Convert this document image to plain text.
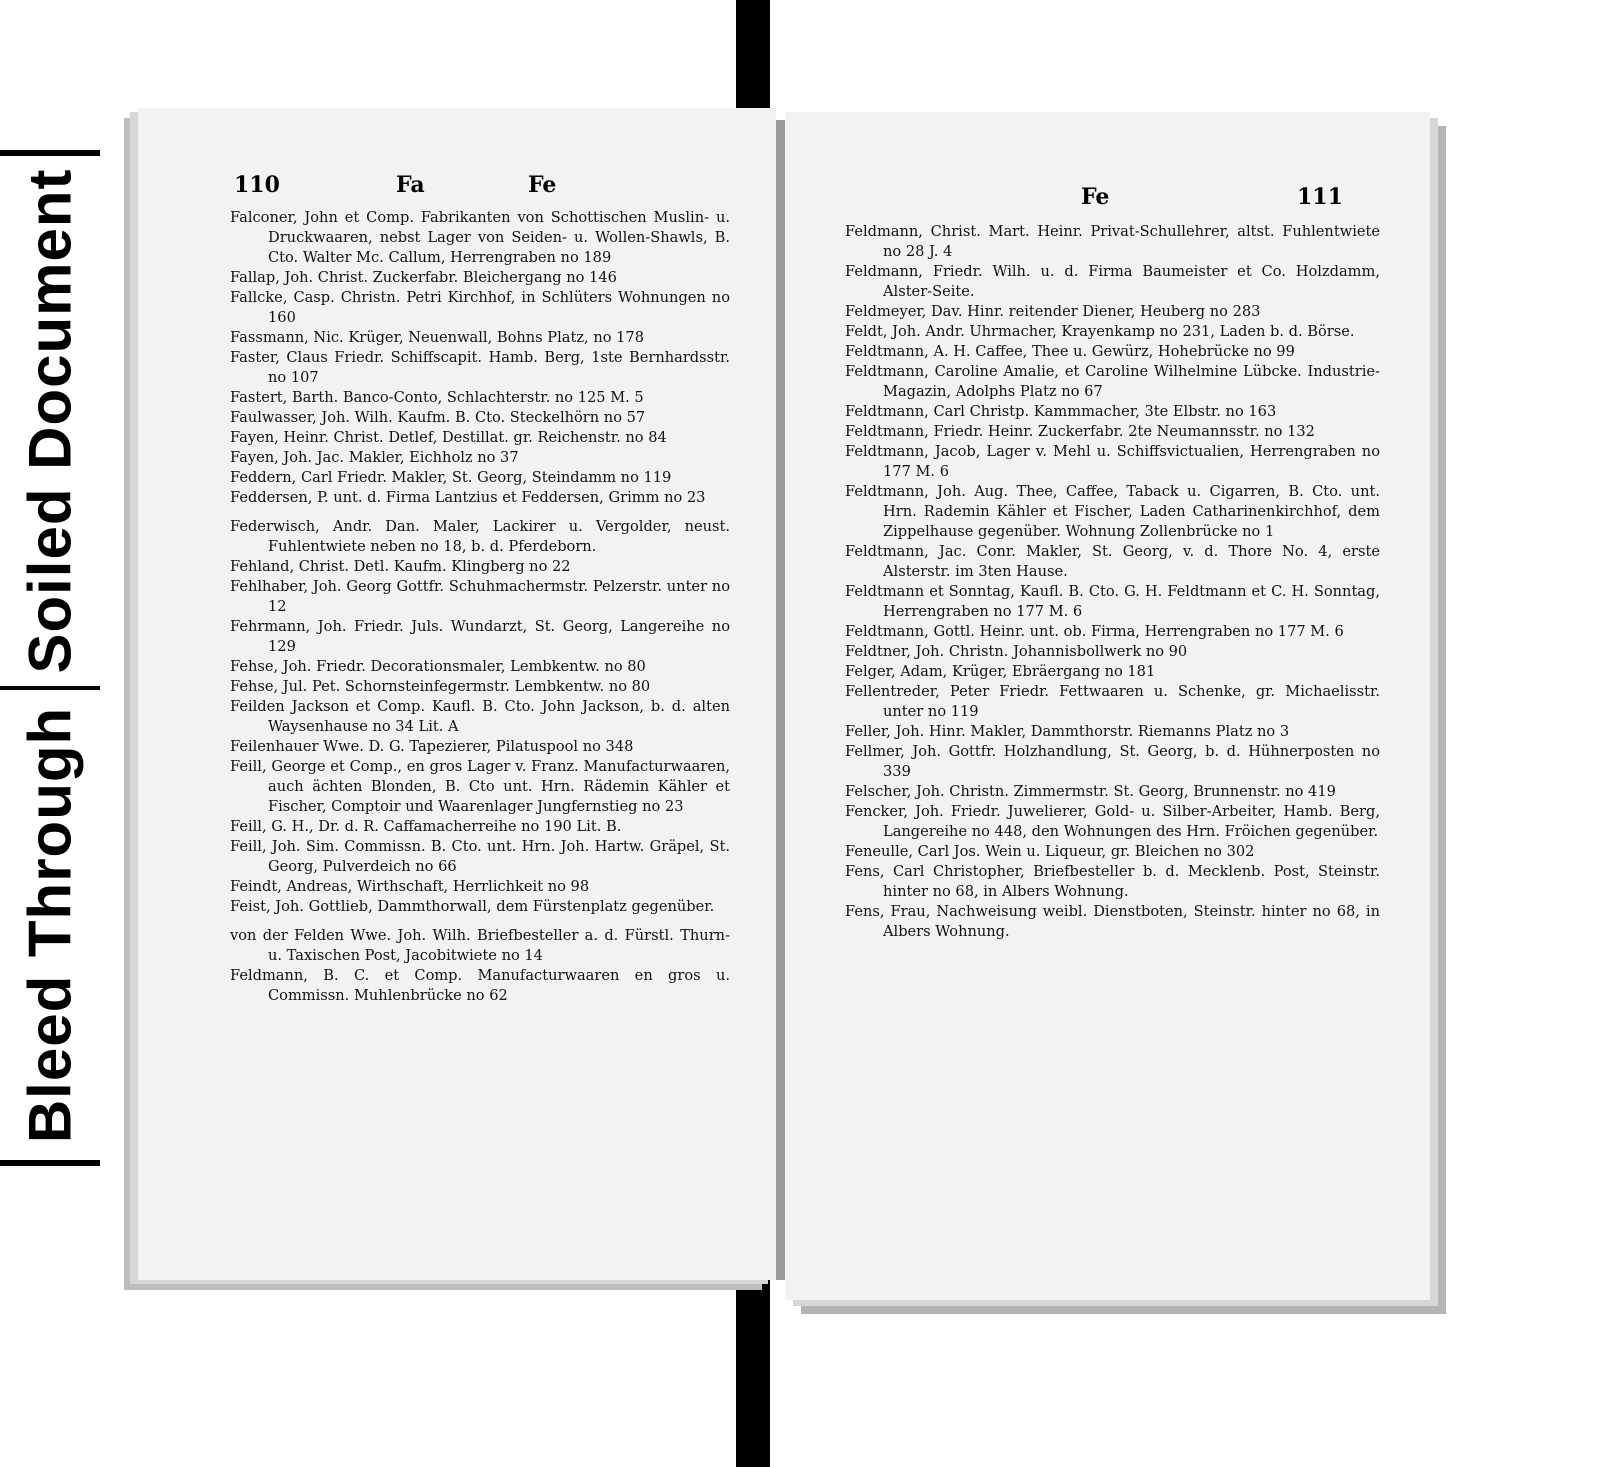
Soiled Document
Bleed Through
110	Fa	Fe
Falconer, John et Comp. Fabrikanten von Schottischen Muslin- u. Druckwaaren, nebst Lager von Seiden- u. Wollen-Shawls, B. Cto. Walter Mc. Callum, Herrengraben no 189
Fallap, Joh. Christ. Zuckerfabr. Bleichergang no 146
Fallcke, Casp. Christn. Petri Kirchhof, in Schlüters Wohnungen no 160
Fassmann, Nic. Krüger, Neuenwall, Bohns Platz, no 178
Faster, Claus Friedr. Schiffscapit. Hamb. Berg, 1ste Bernhardsstr. no 107
Fastert, Barth. Banco-Conto, Schlachterstr. no 125 M. 5
Faulwasser, Joh. Wilh. Kaufm. B. Cto. Steckelhörn no 57
Fayen, Heinr. Christ. Detlef, Destillat. gr. Reichenstr. no 84
Fayen, Joh. Jac. Makler, Eichholz no 37
Feddern, Carl Friedr. Makler, St. Georg, Steindamm no 119
Feddersen, P. unt. d. Firma Lantzius et Feddersen, Grimm no 23
Federwisch, Andr. Dan. Maler, Lackirer u. Vergolder, neust. Fuhlentwiete neben no 18, b. d. Pferdeborn.
Fehland, Christ. Detl. Kaufm. Klingberg no 22
Fehlhaber, Joh. Georg Gottfr. Schuhmachermstr. Pelzerstr. unter no 12
Fehrmann, Joh. Friedr. Juls. Wundarzt, St. Georg, Langereihe no 129
Fehse, Joh. Friedr. Decorationsmaler, Lembkentw. no 80
Fehse, Jul. Pet. Schornsteinfegermstr. Lembkentw. no 80
Feilden Jackson et Comp. Kaufl. B. Cto. John Jackson, b. d. alten Waysenhause no 34 Lit. A
Feilenhauer Wwe. D. G. Tapezierer, Pilatuspool no 348
Feill, George et Comp., en gros Lager v. Franz. Manufacturwaaren, auch ächten Blonden, B. Cto unt. Hrn. Rädemin Kähler et Fischer, Comptoir und Waarenlager Jungfernstieg no 23
Feill, G. H., Dr. d. R. Caffamacherreihe no 190 Lit. B.
Feill, Joh. Sim. Commissn. B. Cto. unt. Hrn. Joh. Hartw. Gräpel, St. Georg, Pulverdeich no 66
Feindt, Andreas, Wirthschaft, Herrlichkeit no 98
Feist, Joh. Gottlieb, Dammthorwall, dem Fürstenplatz gegenüber.
von der Felden Wwe. Joh. Wilh. Briefbesteller a. d. Fürstl. Thurn- u. Taxischen Post, Jacobitwiete no 14
Feldmann, B. C. et Comp. Manufacturwaaren en gros u. Commissn. Muhlenbrücke no 62
Fe	111
Feldmann, Christ. Mart. Heinr. Privat-Schullehrer, altst. Fuhlentwiete no 28 J. 4
Feldmann, Friedr. Wilh. u. d. Firma Baumeister et Co. Holzdamm, Alster-Seite.
Feldmeyer, Dav. Hinr. reitender Diener, Heuberg no 283
Feldt, Joh. Andr. Uhrmacher, Krayenkamp no 231, Laden b. d. Börse.
Feldtmann, A. H. Caffee, Thee u. Gewürz, Hohebrücke no 99
Feldtmann, Caroline Amalie, et Caroline Wilhelmine Lübcke. Industrie-Magazin, Adolphs Platz no 67
Feldtmann, Carl Christp. Kammmacher, 3te Elbstr. no 163
Feldtmann, Friedr. Heinr. Zuckerfabr. 2te Neumannsstr. no 132
Feldtmann, Jacob, Lager v. Mehl u. Schiffsvictualien, Herrengraben no 177 M. 6
Feldtmann, Joh. Aug. Thee, Caffee, Taback u. Cigarren, B. Cto. unt. Hrn. Rademin Kähler et Fischer, Laden Catharinenkirchhof, dem Zippelhause gegenüber. Wohnung Zollenbrücke no 1
Feldtmann, Jac. Conr. Makler, St. Georg, v. d. Thore No. 4, erste Alsterstr. im 3ten Hause.
Feldtmann et Sonntag, Kaufl. B. Cto. G. H. Feldtmann et C. H. Sonntag, Herrengraben no 177 M. 6
Feldtmann, Gottl. Heinr. unt. ob. Firma, Herrengraben no 177 M. 6
Feldtner, Joh. Christn. Johannisbollwerk no 90
Felger, Adam, Krüger, Ebräergang no 181
Fellentreder, Peter Friedr. Fettwaaren u. Schenke, gr. Michaelisstr. unter no 119
Feller, Joh. Hinr. Makler, Dammthorstr. Riemanns Platz no 3
Fellmer, Joh. Gottfr. Holzhandlung, St. Georg, b. d. Hühnerposten no 339
Felscher, Joh. Christn. Zimmermstr. St. Georg, Brunnenstr. no 419
Fencker, Joh. Friedr. Juwelierer, Gold- u. Silber-Arbeiter, Hamb. Berg, Langereihe no 448, den Wohnungen des Hrn. Fröichen gegenüber.
Feneulle, Carl Jos. Wein u. Liqueur, gr. Bleichen no 302
Fens, Carl Christopher, Briefbesteller b. d. Mecklenb. Post, Steinstr. hinter no 68, in Albers Wohnung.
Fens, Frau, Nachweisung weibl. Dienstboten, Steinstr. hinter no 68, in Albers Wohnung.
